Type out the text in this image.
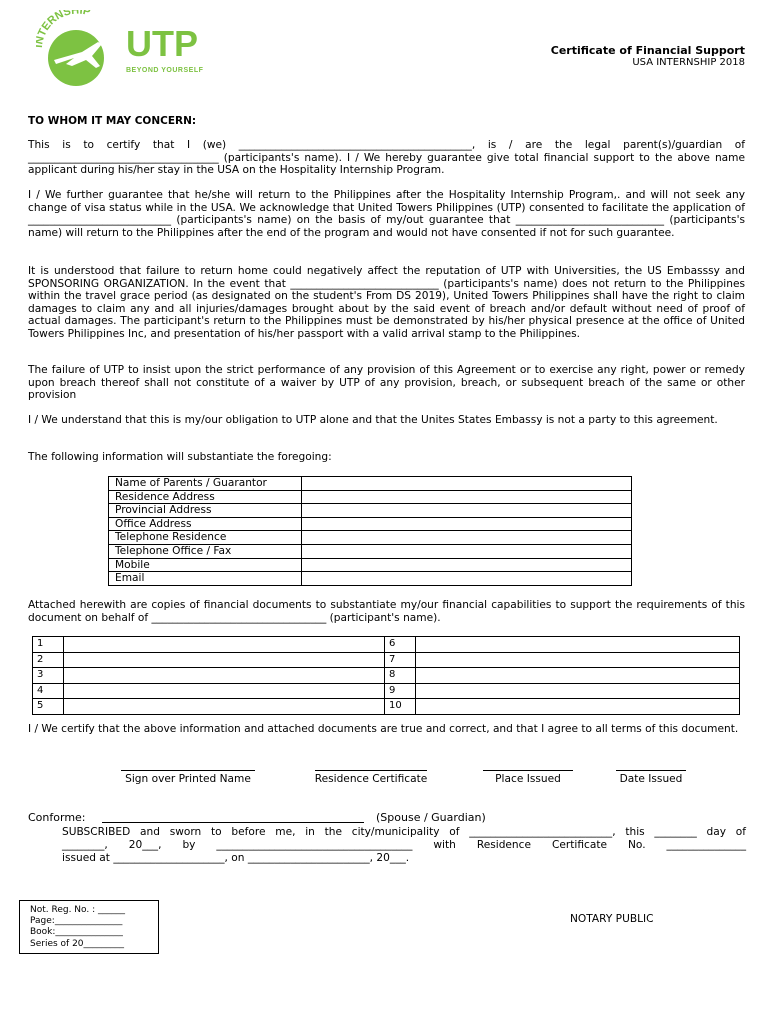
TERNSHIP
UTP
BEYOND YOURSELF
Certificate of Financial Support
USA INTERNSHIP 2018
TO WHOM IT MAY CONCERN:

This is to certify that I (we) ____________________________________________, is / are the legal parent(s)/guardian of ____________________________________ (participants's name). I / We hereby guarantee give total financial support to the above name applicant during his/her stay in the USA on the Hospitality Internship Program.

I / We further guarantee that he/she will return to the Philippines after the Hospitality Internship Program,. and will not seek any change of visa status while in the USA. We acknowledge that United Towers Philippines (UTP) consented to facilitate the application of ___________________________ (participants's name) on the basis of my/out guarantee that ____________________________ (participants's name) will return to the Philippines after the end of the program and would not have consented if not for such guarantee.

It is understood that failure to return home could negatively affect the reputation of UTP with Universities, the US Embasssy and SPONSORING ORGANIZATION. In the event that ____________________________ (participants's name) does not return to the Philippines within the travel grace period (as designated on the student's From DS 2019), United Towers Philippines shall have the right to claim damages to claim any and all injuries/damages brought about by the said event of breach and/or default without need of proof of actual damages. The participant's return to the Philippines must be demonstrated by his/her physical presence at the office of United Towers Philippines Inc, and presentation of his/her passport with a valid arrival stamp to the Philippines.

The failure of UTP to insist upon the strict performance of any provision of this Agreement or to exercise any right, power or remedy upon breach thereof shall not constitute of a waiver by UTP of any provision, breach, or subsequent breach of the same or other provision

I / We understand that this is my/our obligation to UTP alone and that the Unites States Embassy is not a party to this agreement.

The following information will substantiate the foregoing:

Name of Parents / Guarantor	
Residence Address	
Provincial Address	
Office Address	
Telephone Residence	
Telephone Office / Fax	
Mobile	
Email	

Attached herewith are copies of financial documents to substantiate my/our financial capabilities to support the requirements of this document on behalf of _________________________________ (participant's name).

1		6	
2		7	
3		8	
4		9	
5		10	

I / We certify that the above information and attached documents are true and correct, and that I agree to all terms of this document.

Sign over Printed Name	Residence Certificate	Place Issued	Date Issued
Conforme:	(Spouse / Guardian)
SUBSCRIBED and sworn to before me, in the city/municipality of ___________________________, this ________ day of
________, 20___, by _____________________________________ with Residence Certificate No. _______________
issued at _____________________, on _______________________, 20___.
Not. Reg. No. : ______
Page:_______________
Book:_______________
Series of 20_________
NOTARY PUBLIC
